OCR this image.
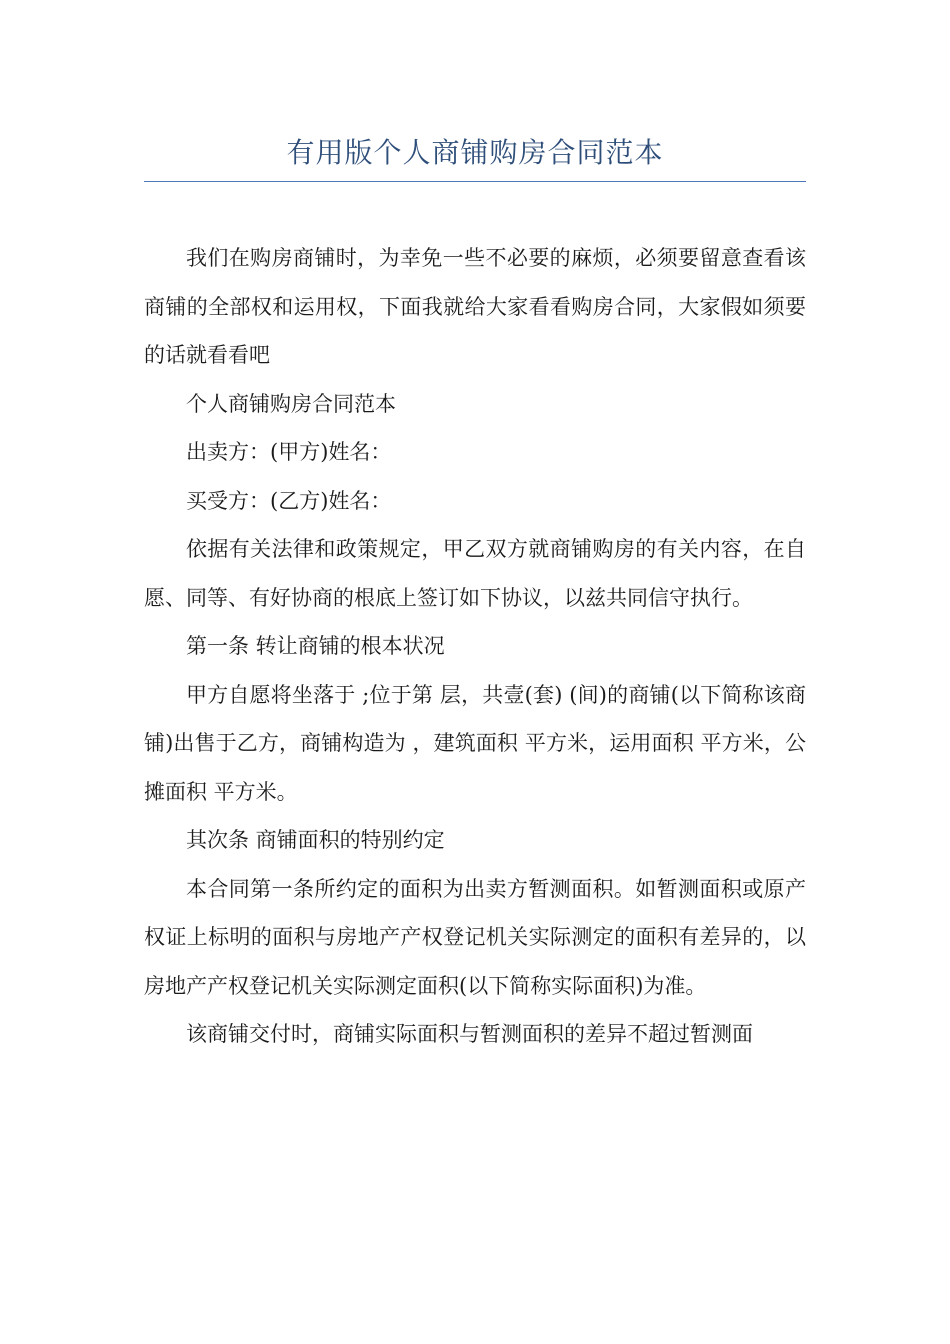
有用版个人商铺购房合同范本

我们在购房商铺时，为幸免一些不必要的麻烦，必须要留意查看该商铺的全部权和运用权，下面我就给大家看看购房合同，大家假如须要的话就看看吧

个人商铺购房合同范本

出卖方：(甲方)姓名：

买受方：(乙方)姓名：

依据有关法律和政策规定，甲乙双方就商铺购房的有关内容，在自愿、同等、有好协商的根底上签订如下协议，以兹共同信守执行。

第一条 转让商铺的根本状况

甲方自愿将坐落于 ;位于第 层，共壹(套) (间)的商铺(以下简称该商铺)出售于乙方，商铺构造为 ，建筑面积 平方米，运用面积 平方米，公摊面积 平方米。

其次条 商铺面积的特别约定

本合同第一条所约定的面积为出卖方暂测面积。如暂测面积或原产权证上标明的面积与房地产产权登记机关实际测定的面积有差异的，以房地产产权登记机关实际测定面积(以下简称实际面积)为准。

该商铺交付时，商铺实际面积与暂测面积的差异不超过暂测面
